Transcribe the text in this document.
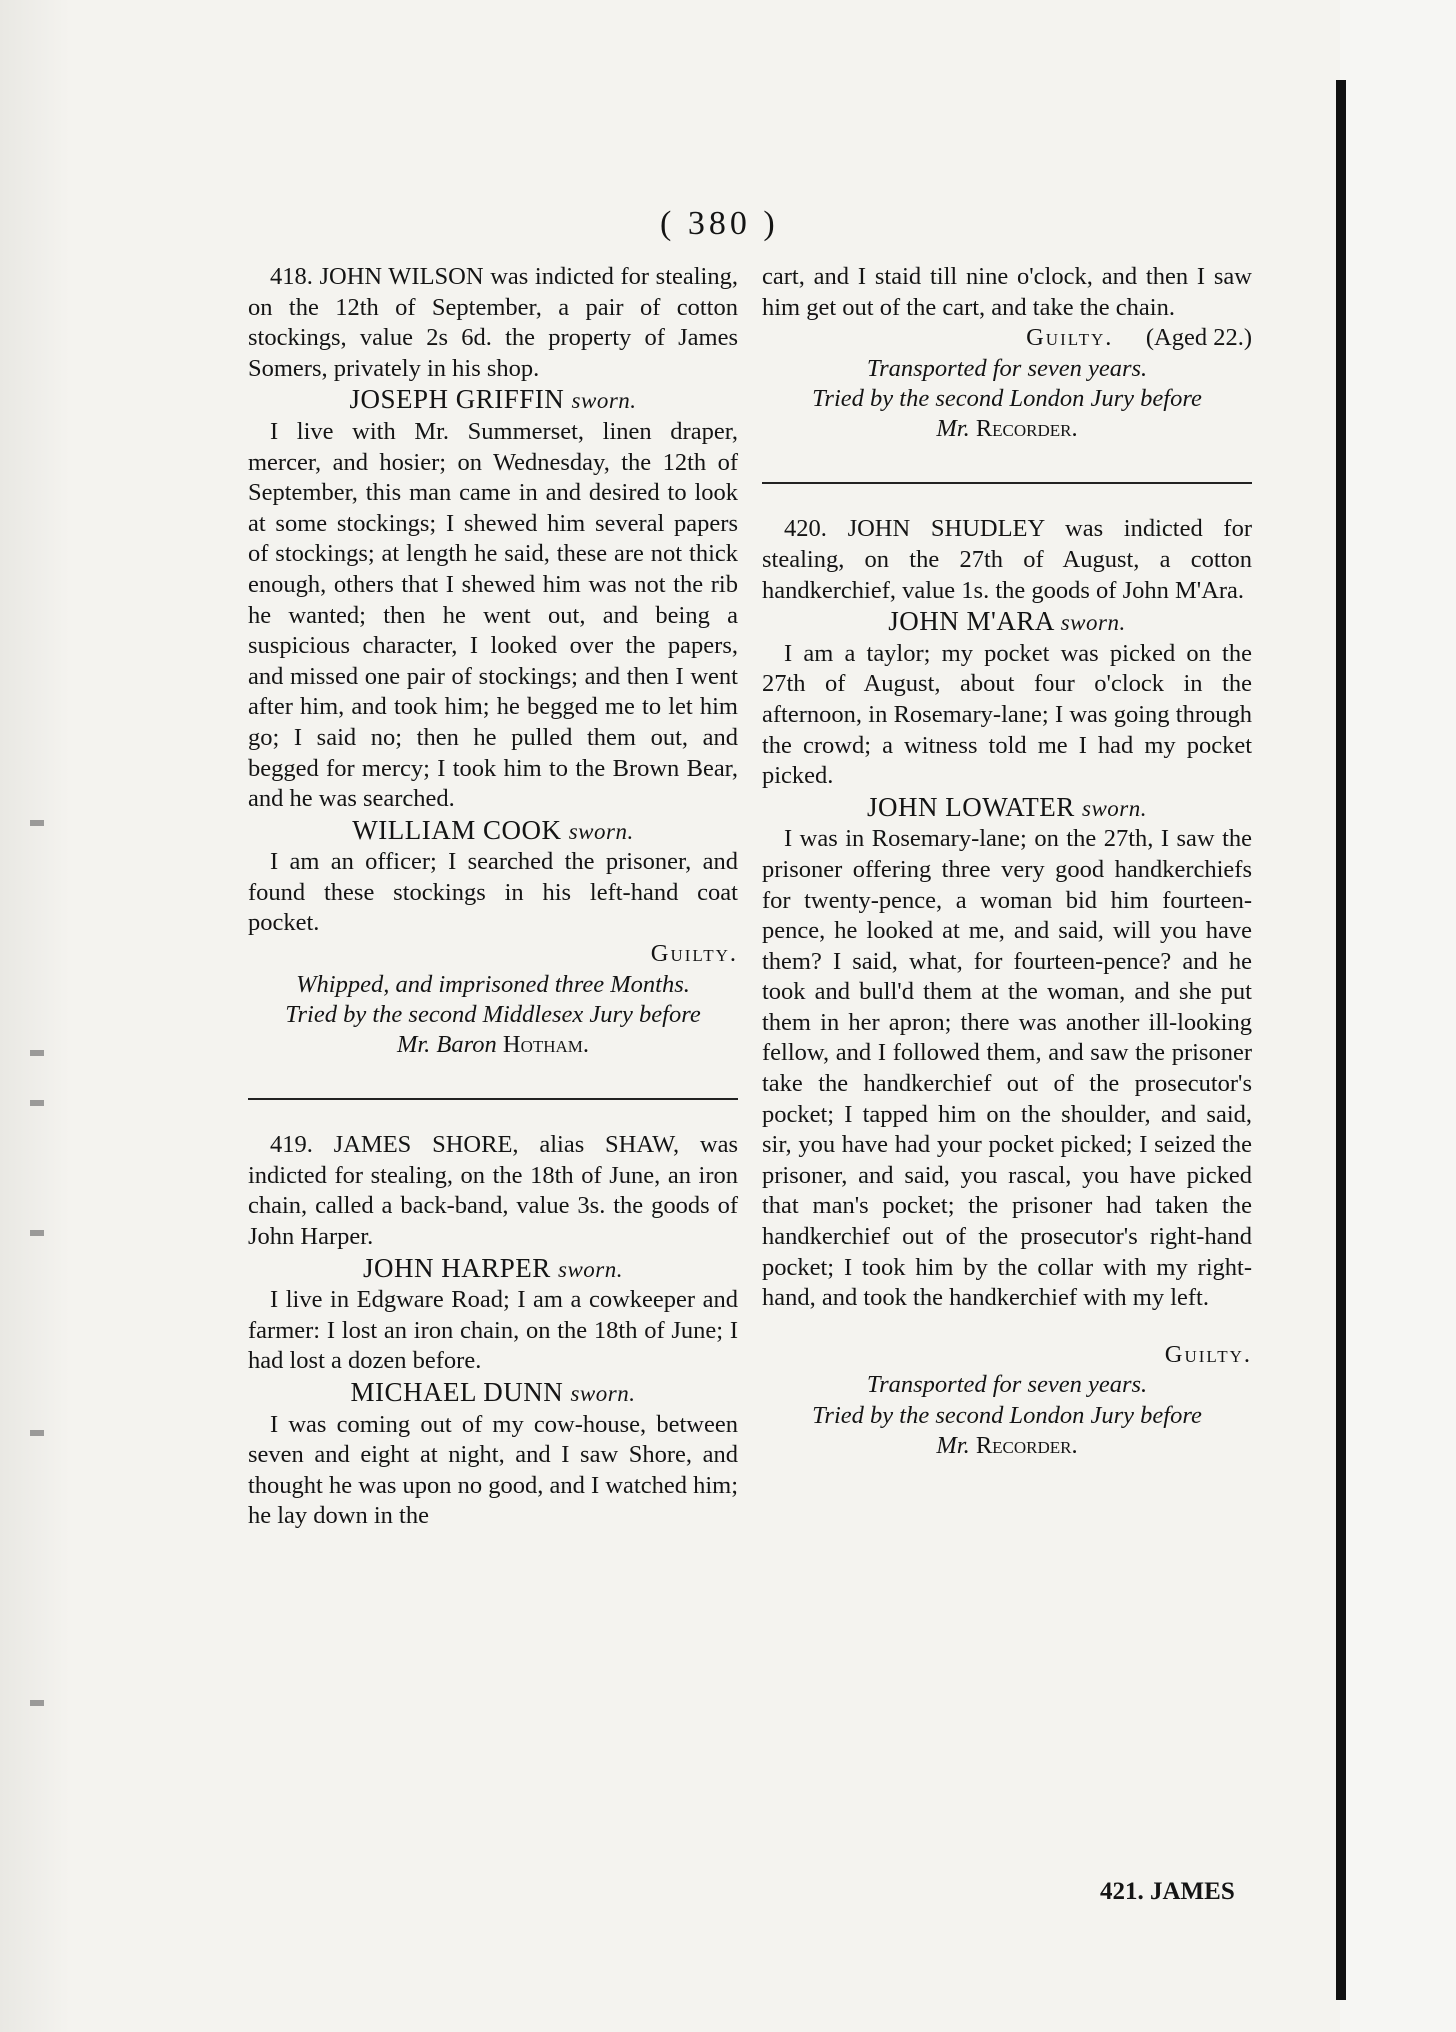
( 380 )

418. JOHN WILSON was indicted for stealing, on the 12th of September, a pair of cotton stockings, value 2s 6d. the property of James Somers, privately in his shop.

JOSEPH GRIFFIN sworn.

I live with Mr. Summerset, linen draper, mercer, and hosier; on Wednesday, the 12th of September, this man came in and desired to look at some stockings; I shewed him several papers of stockings; at length he said, these are not thick enough, others that I shewed him was not the rib he wanted; then he went out, and being a suspicious character, I looked over the papers, and missed one pair of stockings; and then I went after him, and took him; he begged me to let him go; I said no; then he pulled them out, and begged for mercy; I took him to the Brown Bear, and he was searched.

WILLIAM COOK sworn.

I am an officer; I searched the prisoner, and found these stockings in his left-hand coat pocket.

Guilty.

Whipped, and imprisoned three Months.

Tried by the second Middlesex Jury before
Mr. Baron Hotham.

419. JAMES SHORE, alias SHAW, was indicted for stealing, on the 18th of June, an iron chain, called a back-band, value 3s. the goods of John Harper.

JOHN HARPER sworn.

I live in Edgware Road; I am a cowkeeper and farmer: I lost an iron chain, on the 18th of June; I had lost a dozen before.

MICHAEL DUNN sworn.

I was coming out of my cow-house, between seven and eight at night, and I saw Shore, and thought he was upon no good, and I watched him; he lay down in the

cart, and I staid till nine o'clock, and then I saw him get out of the cart, and take the chain.

Guilty. (Aged 22.)

Transported for seven years.

Tried by the second London Jury before
Mr. Recorder.

420. JOHN SHUDLEY was indicted for stealing, on the 27th of August, a cotton handkerchief, value 1s. the goods of John M'Ara.

JOHN M'ARA sworn.

I am a taylor; my pocket was picked on the 27th of August, about four o'clock in the afternoon, in Rosemary-lane; I was going through the crowd; a witness told me I had my pocket picked.

JOHN LOWATER sworn.

I was in Rosemary-lane; on the 27th, I saw the prisoner offering three very good handkerchiefs for twenty-pence, a woman bid him fourteen-pence, he looked at me, and said, will you have them? I said, what, for fourteen-pence? and he took and bull'd them at the woman, and she put them in her apron; there was another ill-looking fellow, and I followed them, and saw the prisoner take the handkerchief out of the prosecutor's pocket; I tapped him on the shoulder, and said, sir, you have had your pocket picked; I seized the prisoner, and said, you rascal, you have picked that man's pocket; the prisoner had taken the handkerchief out of the prosecutor's right-hand pocket; I took him by the collar with my right-hand, and took the handkerchief with my left.

Guilty.

Transported for seven years.

Tried by the second London Jury before
Mr. Recorder.

421. JAMES
